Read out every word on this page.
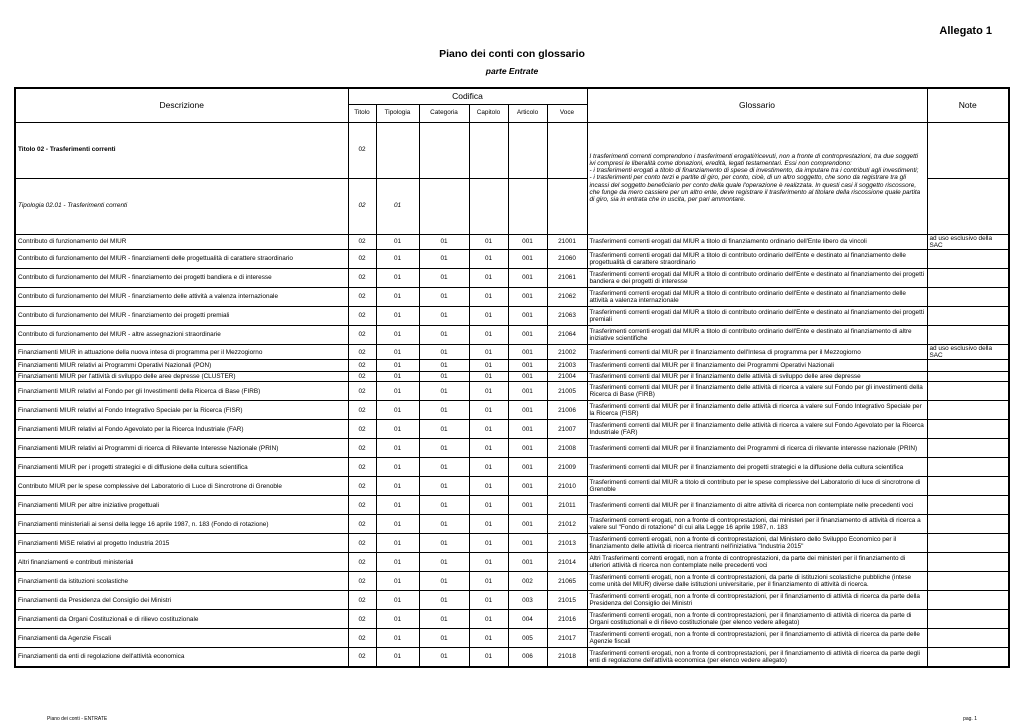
Allegato 1
Piano dei conti con glossario
parte Entrate
Descrizione	Codifica						Glossario	Note
	Titolo	Tipologia	Categoria	Capitolo	Articolo	Voce		
Titolo 02 - Trasferimenti correnti	02						I trasferimenti correnti comprendono i trasferimenti erogati/ricevuti, non a fronte di controprestazioni, tra due soggetti ivi compresi le liberalità come donazioni, eredità, legati testamentari. Essi non comprendono:
- i trasferimenti erogati a titolo di finanziamento di spese di investimento, da imputare tra i contributi agli investimenti;
- i trasferimenti per conto terzi e partite di giro, per conto, cioè, di un altro soggetto, che sono da registrare tra gli incassi del soggetto beneficiario per conto della quale l'operazione è realizzata. In questi casi il soggetto riscossore, che funge da mero cassiere per un altro ente, deve registrare il trasferimento al titolare della riscossione quale partita di giro, sia in entrata che in uscita, per pari ammontare.	

Tipologia 02.01 - Trasferimenti correnti	02	01						
Contributo di funzionamento del MIUR	02	01	01	01	001	21001	Trasferimenti correnti erogati dal MIUR a titolo di finanziamento ordinario dell'Ente libero da vincoli	ad uso esclusivo della SAC
Contributo di funzionamento del MIUR - finanziamenti delle progettualità di carattere straordinario	02	01	01	01	001	21060	Trasferimenti correnti erogati dal MIUR a titolo di contributo ordinario dell'Ente e destinato al finanziamento delle progettualità di carattere straordinario	
Contributo di funzionamento del MIUR - finanziamento dei progetti bandiera e di interesse	02	01	01	01	001	21061	Trasferimenti correnti erogati dal MIUR a titolo di contributo ordinario dell'Ente e destinato al finanziamento dei progetti bandiera e dei progetti di interesse	
Contributo di funzionamento del MIUR - finanziamento delle attività a valenza internazionale	02	01	01	01	001	21062	Trasferimenti correnti erogati dal MIUR a titolo di contributo ordinario dell'Ente e destinato al finanziamento delle attività a valenza internazionale	
Contributo di funzionamento del MIUR - finanziamento dei progetti premiali	02	01	01	01	001	21063	Trasferimenti correnti erogati dal MIUR a titolo di contributo ordinario dell'Ente e destinato al finanziamento dei progetti premiali	
Contributo di funzionamento del MIUR - altre assegnazioni straordinarie	02	01	01	01	001	21064	Trasferimenti correnti erogati dal MIUR a titolo di contributo ordinario dell'Ente e destinato al finanziamento di altre iniziative scientifiche	
Finanziamenti MIUR in attuazione della nuova intesa di programma per il Mezzogiorno	02	01	01	01	001	21002	Trasferimenti correnti dal MIUR per il finanziamento dell'Intesa di programma per il Mezzogiorno	ad uso esclusivo della SAC
Finanziamenti MIUR relativi ai Programmi Operativi Nazionali (PON)	02	01	01	01	001	21003	Trasferimenti correnti dal MIUR per il finanziamento dei Programmi Operativi Nazionali	
Finanziamenti MIUR per l'attività di sviluppo delle aree depresse (CLUSTER)	02	01	01	01	001	21004	Trasferimenti correnti dal MIUR per il finanziamento delle attività di sviluppo delle aree depresse	
Finanziamenti MIUR relativi al Fondo per gli Investimenti della Ricerca di Base (FIRB)	02	01	01	01	001	21005	Trasferimenti correnti dal MIUR per il finanziamento delle attività di ricerca a valere sul Fondo per gli investimenti della Ricerca di Base (FIRB)	
Finanziamenti MIUR relativi al Fondo Integrativo Speciale per la Ricerca (FISR)	02	01	01	01	001	21006	Trasferimenti correnti dal MIUR per il finanziamento delle attività di ricerca a valere sul Fondo Integrativo Speciale per la Ricerca (FISR)	
Finanziamenti MIUR relativi al Fondo Agevolato per la Ricerca Industriale (FAR)	02	01	01	01	001	21007	Trasferimenti correnti dal MIUR per il finanziamento delle attività di ricerca a valere sul Fondo Agevolato per la Ricerca Industriale (FAR)	
Finanziamenti MIUR relativi ai Programmi di ricerca di Rilevante Interesse Nazionale (PRIN)	02	01	01	01	001	21008	Trasferimenti correnti dal MIUR per il finanziamento dei Programmi di ricerca di rilevante interesse nazionale (PRIN)	
Finanziamenti MIUR per i progetti strategici e di diffusione della cultura scientifica	02	01	01	01	001	21009	Trasferimenti correnti dal MIUR per il finanziamento dei progetti strategici e la diffusione della cultura scientifica	
Contributo MIUR per le spese complessive del Laboratorio di Luce di Sincrotrone di Grenoble	02	01	01	01	001	21010	Trasferimenti correnti dal MIUR a titolo di contributo per le spese complessive del Laboratorio di luce di sincrotrone di Grenoble	
Finanziamenti MIUR per altre iniziative progettuali	02	01	01	01	001	21011	Trasferimenti correnti dal MIUR per il finanziamento di altre attività di ricerca non contemplate nelle precedenti voci	
Finanziamenti ministeriali ai sensi della legge 16 aprile 1987, n. 183 (Fondo di rotazione)	02	01	01	01	001	21012	Trasferimenti correnti erogati, non a fronte di controprestazioni, dai ministeri per il finanziamento di attività di ricerca a valere sul "Fondo di rotazione" di cui alla Legge 16 aprile 1987, n. 183	
Finanziamenti MiSE relativi al progetto Industria 2015	02	01	01	01	001	21013	Trasferimenti correnti erogati, non a fronte di controprestazioni, dal Ministero dello Sviluppo Economico per il finanziamento delle attività di ricerca rientranti nell'iniziativa "Industria 2015"	
Altri finanziamenti e contributi ministeriali	02	01	01	01	001	21014	Altri Trasferimenti correnti erogati, non a fronte di controprestazioni, da parte dei ministeri per il finanziamento di ulteriori attività di ricerca non contemplate nelle precedenti voci	
Finanziamenti da istituzioni scolastiche	02	01	01	01	002	21065	Trasferimenti correnti erogati, non a fronte di controprestazioni, da parte di istituzioni scolastiche pubbliche (intese come unità del MIUR) diverse dalle istituzioni universitarie, per il finanziamento di attività di ricerca.	
Finanziamenti da Presidenza del Consiglio dei Ministri	02	01	01	01	003	21015	Trasferimenti correnti erogati, non a fronte di controprestazioni, per il finanziamento di attività di ricerca da parte della Presidenza del Consiglio dei Ministri	
Finanziamenti da Organi Costituzionali e di rilievo costituzionale	02	01	01	01	004	21016	Trasferimenti correnti erogati, non a fronte di controprestazioni, per il finanziamento di attività di ricerca da parte di Organi costituzionali e di rilievo costituzionale (per elenco vedere allegato)	
Finanziamenti da Agenzie Fiscali	02	01	01	01	005	21017	Trasferimenti correnti erogati, non a fronte di controprestazioni, per il finanziamento di attività di ricerca da parte delle Agenzie fiscali	
Finanziamenti da enti di regolazione dell'attività economica	02	01	01	01	006	21018	Trasferimenti correnti erogati, non a fronte di controprestazioni, per il finanziamento di attività di ricerca da parte degli enti di regolazione dell'attività economica (per elenco vedere allegato)	
Piano dei conti - ENTRATE	pag. 1
